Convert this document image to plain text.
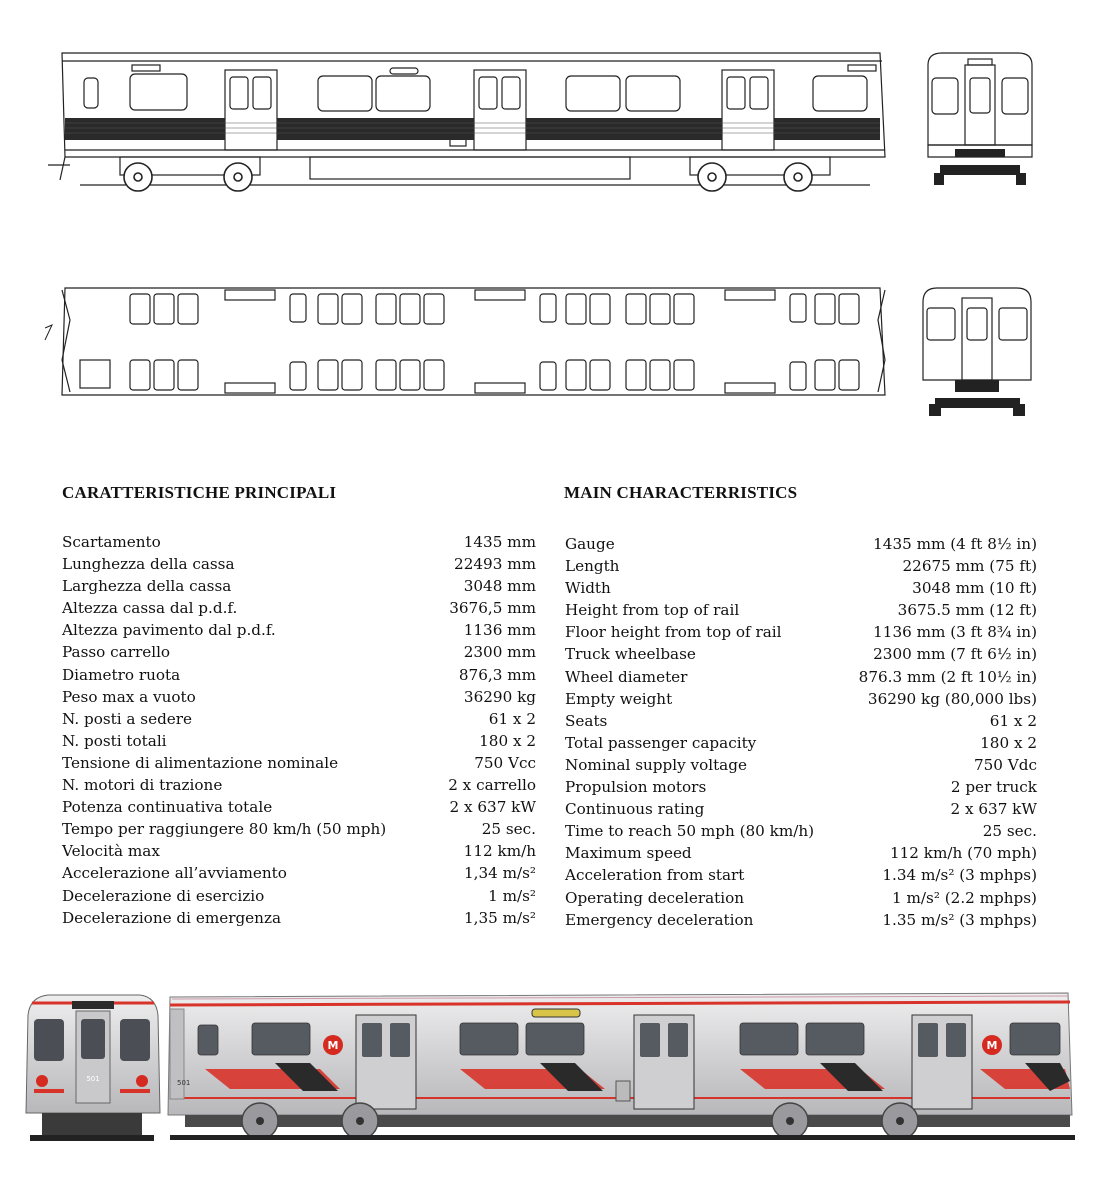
CARATTERISTICHE PRINCIPALI	MAIN CHARACTERRISTICS
Scartamento	1435 mm
Lunghezza della cassa	22493 mm
Larghezza della cassa	3048 mm
Altezza cassa dal p.d.f.	3676,5 mm
Altezza pavimento dal p.d.f.	1136 mm
Passo carrello	2300 mm
Diametro ruota	876,3 mm
Peso max a vuoto	36290 kg
N. posti a sedere	61 x 2
N. posti totali	180 x 2
Tensione di alimentazione nominale	750 Vcc
N. motori di trazione	2 x carrello
Potenza continuativa totale	2 x 637 kW
Tempo per raggiungere 80 km/h (50 mph)	25 sec.
Velocità max	112 km/h
Accelerazione all’avviamento	1,34 m/s²
Decelerazione di esercizio	1 m/s²
Decelerazione di emergenza	1,35 m/s²
Gauge	1435 mm (4 ft 8½ in)
Length	22675 mm (75 ft)
Width	3048 mm (10 ft)
Height from top of rail	3675.5 mm (12 ft)
Floor height from top of rail	1136 mm (3 ft 8¾ in)
Truck wheelbase	2300 mm (7 ft 6½ in)
Wheel diameter	876.3 mm (2 ft 10½ in)
Empty weight	36290 kg (80,000 lbs)
Seats	61 x 2
Total passenger capacity	180 x 2
Nominal supply voltage	750 Vdc
Propulsion motors	2 per truck
Continuous rating	2 x 637 kW
Time to reach 50 mph (80 km/h)	25 sec.
Maximum speed	112 km/h (70 mph)
Acceleration from start	1.34 m/s² (3 mphps)
Operating deceleration	1 m/s² (2.2 mphps)
Emergency deceleration	1.35 m/s² (3 mphps)
501
M	M
501
